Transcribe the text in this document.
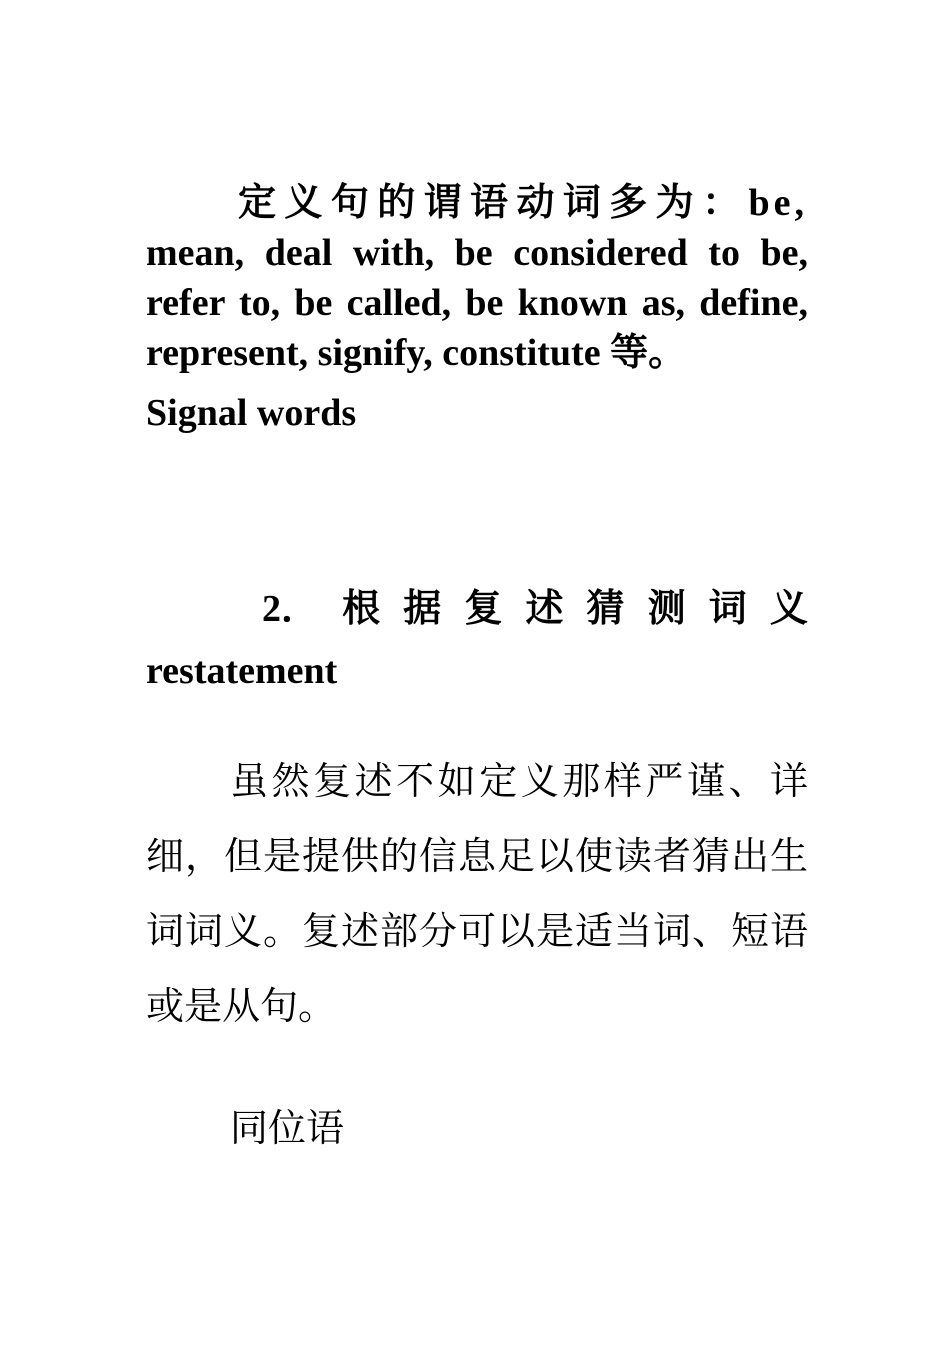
定义句的谓语动词多为：be, mean, deal with, be considered to be, refer to, be called, be known as, define, represent, signify, constitute 等。
Signal words

2． 根 据 复 述 猜 测 词 义
restatement

虽然复述不如定义那样严谨、详细，但是提供的信息足以使读者猜出生词词义。复述部分可以是适当词、短语或是从句。

同位语
